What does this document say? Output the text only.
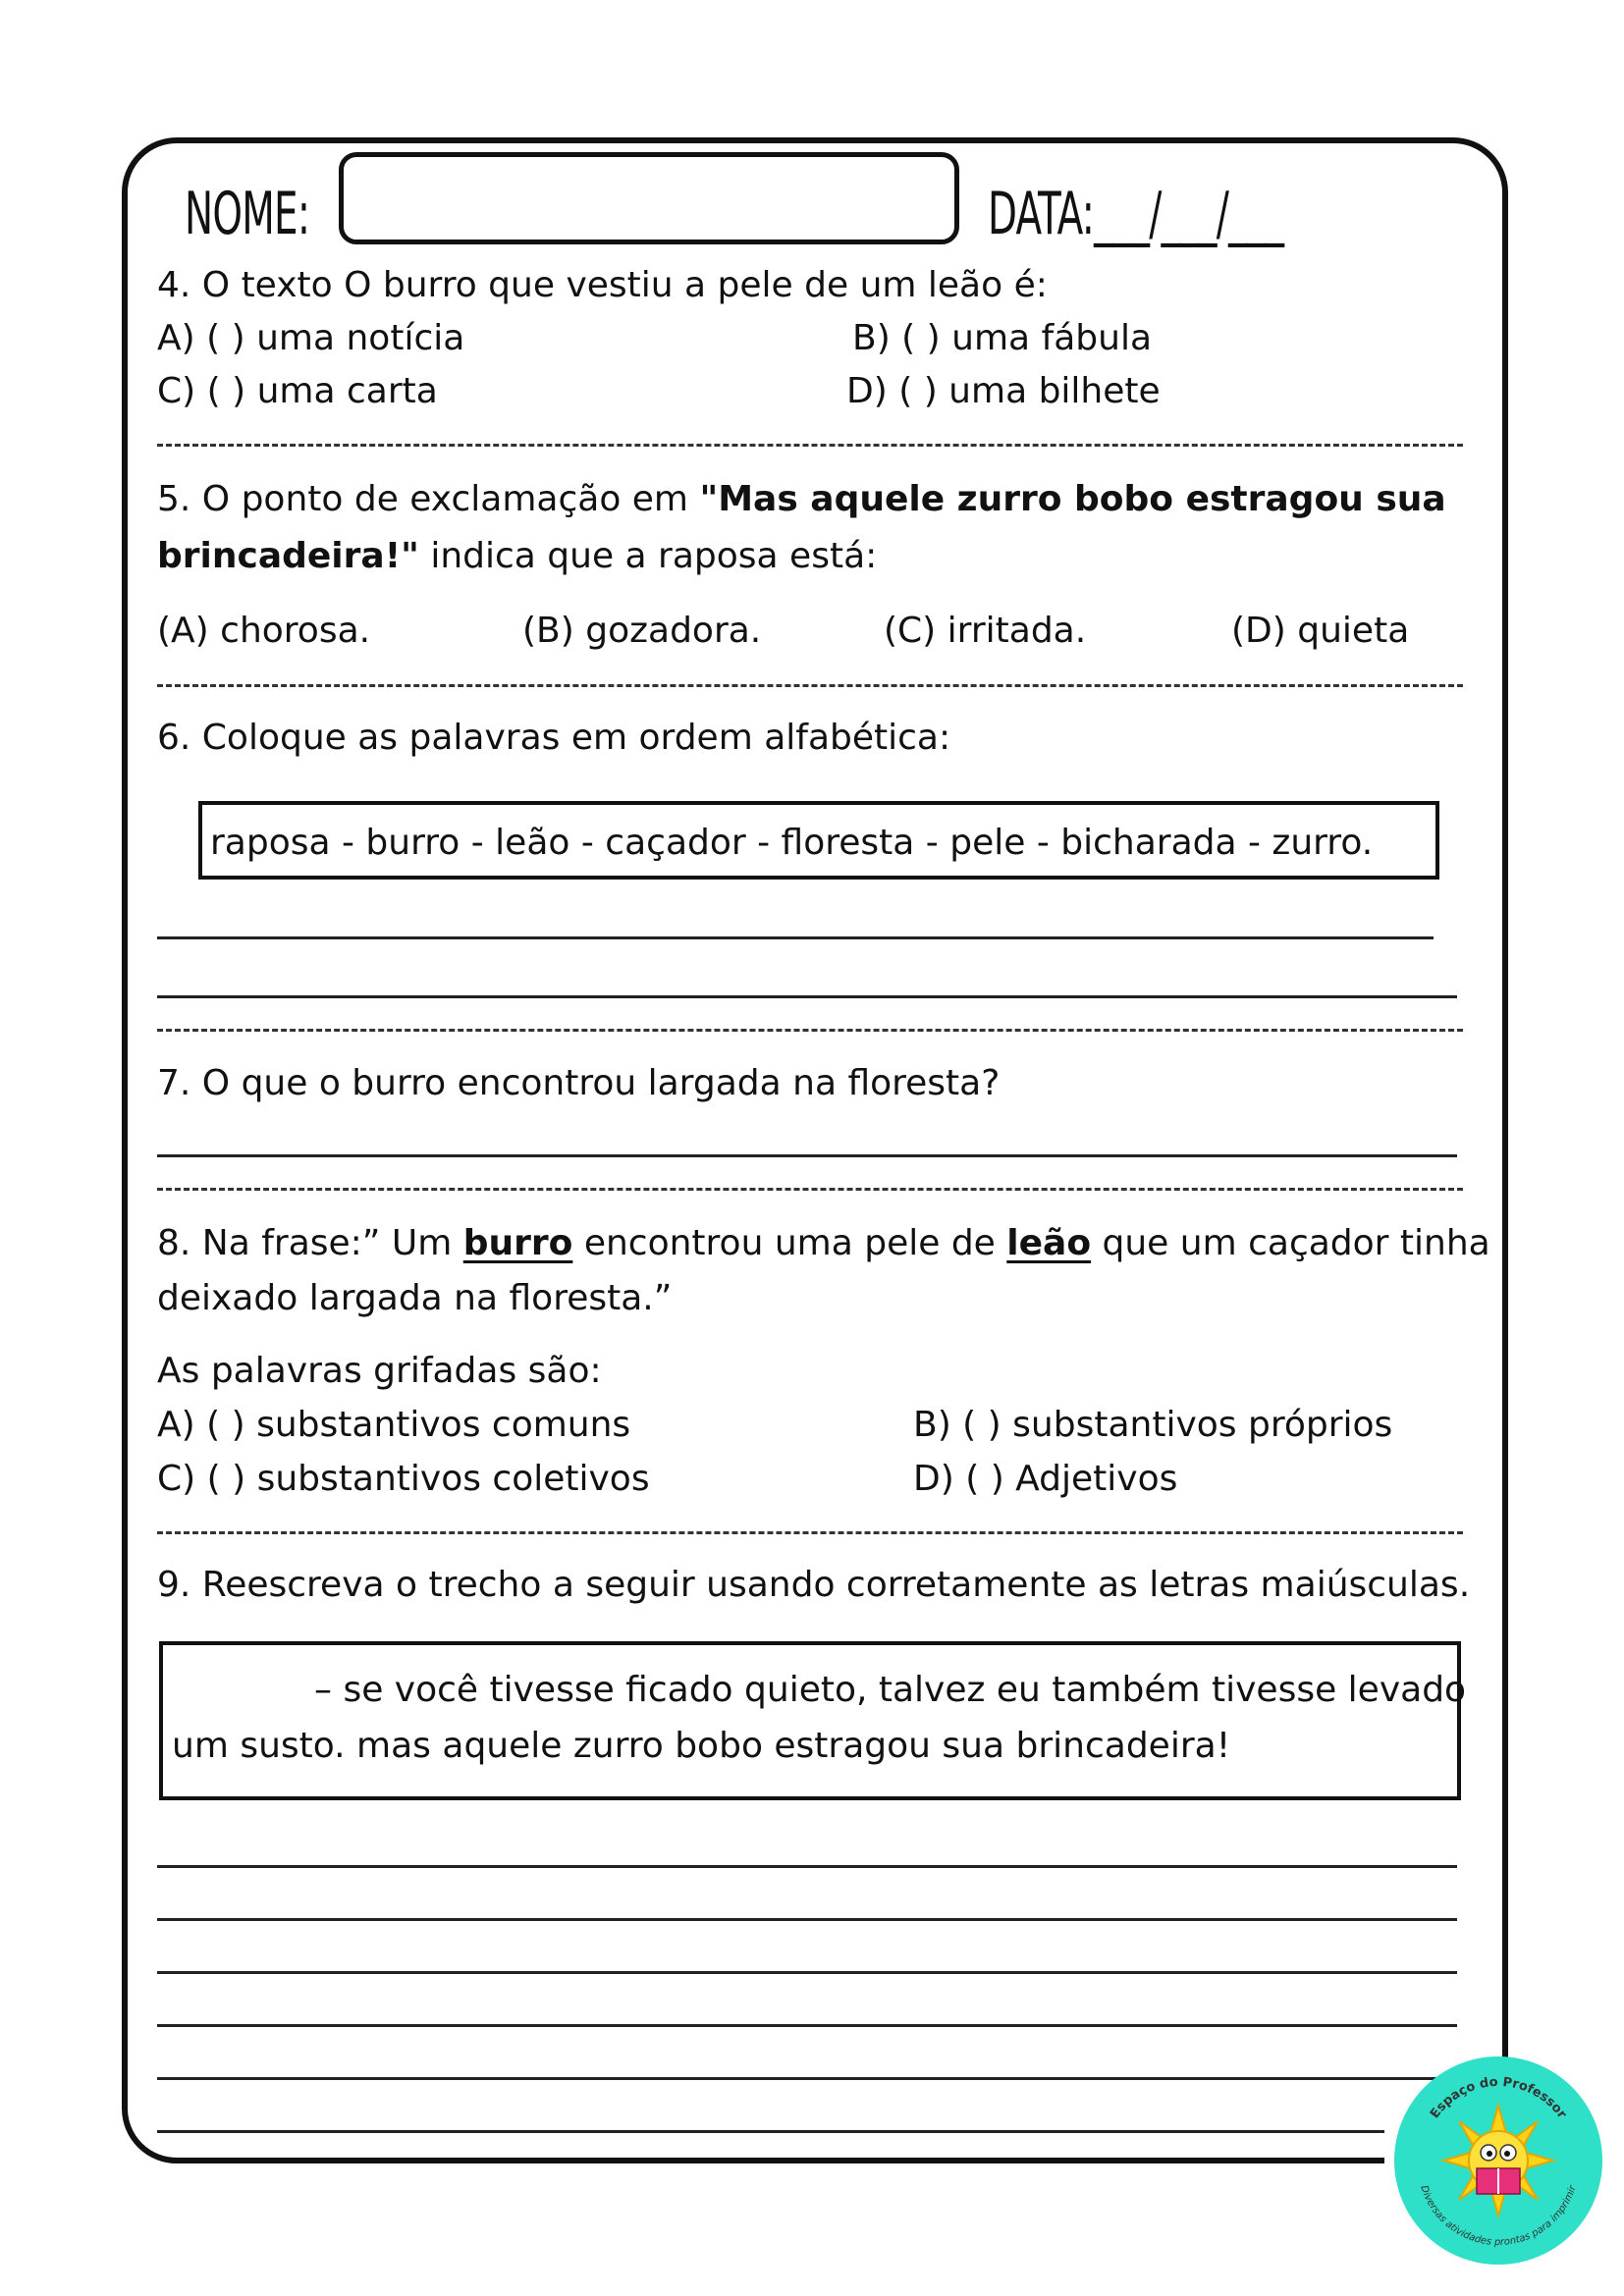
NOME:	DATA:___/___/___
4. O texto O burro que vestiu a pele de um leão é:
A) ( ) uma notícia	B) ( ) uma fábula
C) ( ) uma carta	D) ( ) uma bilhete
5. O ponto de exclamação em "Mas aquele zurro bobo estragou sua
brincadeira!" indica que a raposa está:
(A) chorosa.	(B) gozadora.	(C) irritada.	(D) quieta
6. Coloque as palavras em ordem alfabética:
raposa - burro - leão - caçador - floresta - pele - bicharada - zurro.
7. O que o burro encontrou largada na floresta?
8. Na frase:” Um burro encontrou uma pele de leão que um caçador tinha
deixado largada na floresta.”
As palavras grifadas são:
A) ( ) substantivos comuns	B) ( ) substantivos próprios
C) ( ) substantivos coletivos	D) ( ) Adjetivos
9. Reescreva o trecho a seguir usando corretamente as letras maiúsculas.
– se você tivesse ficado quieto, talvez eu também tivesse levado
um susto. mas aquele zurro bobo estragou sua brincadeira!
Espaço do Professor
Diversas atividades prontas para imprimir
